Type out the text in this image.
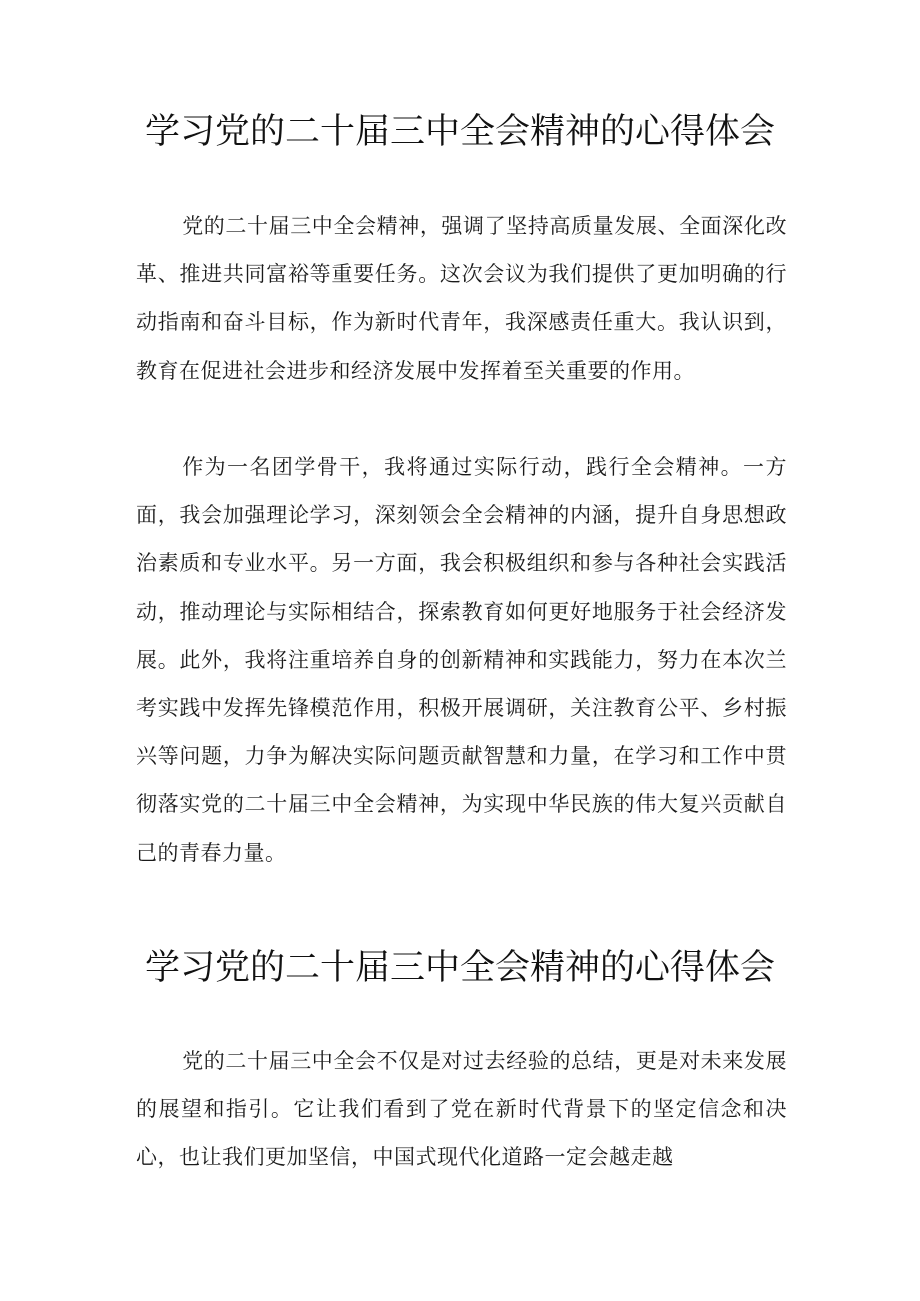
学习党的二十届三中全会精神的心得体会

党的二十届三中全会精神，强调了坚持高质量发展、全面深化改革、推进共同富裕等重要任务。这次会议为我们提供了更加明确的行动指南和奋斗目标，作为新时代青年，我深感责任重大。我认识到，教育在促进社会进步和经济发展中发挥着至关重要的作用。

作为一名团学骨干，我将通过实际行动，践行全会精神。一方面，我会加强理论学习，深刻领会全会精神的内涵，提升自身思想政治素质和专业水平。另一方面，我会积极组织和参与各种社会实践活动，推动理论与实际相结合，探索教育如何更好地服务于社会经济发展。此外，我将注重培养自身的创新精神和实践能力，努力在本次兰考实践中发挥先锋模范作用，积极开展调研，关注教育公平、乡村振兴等问题，力争为解决实际问题贡献智慧和力量，在学习和工作中贯彻落实党的二十届三中全会精神，为实现中华民族的伟大复兴贡献自己的青春力量。

学习党的二十届三中全会精神的心得体会

党的二十届三中全会不仅是对过去经验的总结，更是对未来发展的展望和指引。它让我们看到了党在新时代背景下的坚定信念和决心，也让我们更加坚信，中国式现代化道路一定会越走越
